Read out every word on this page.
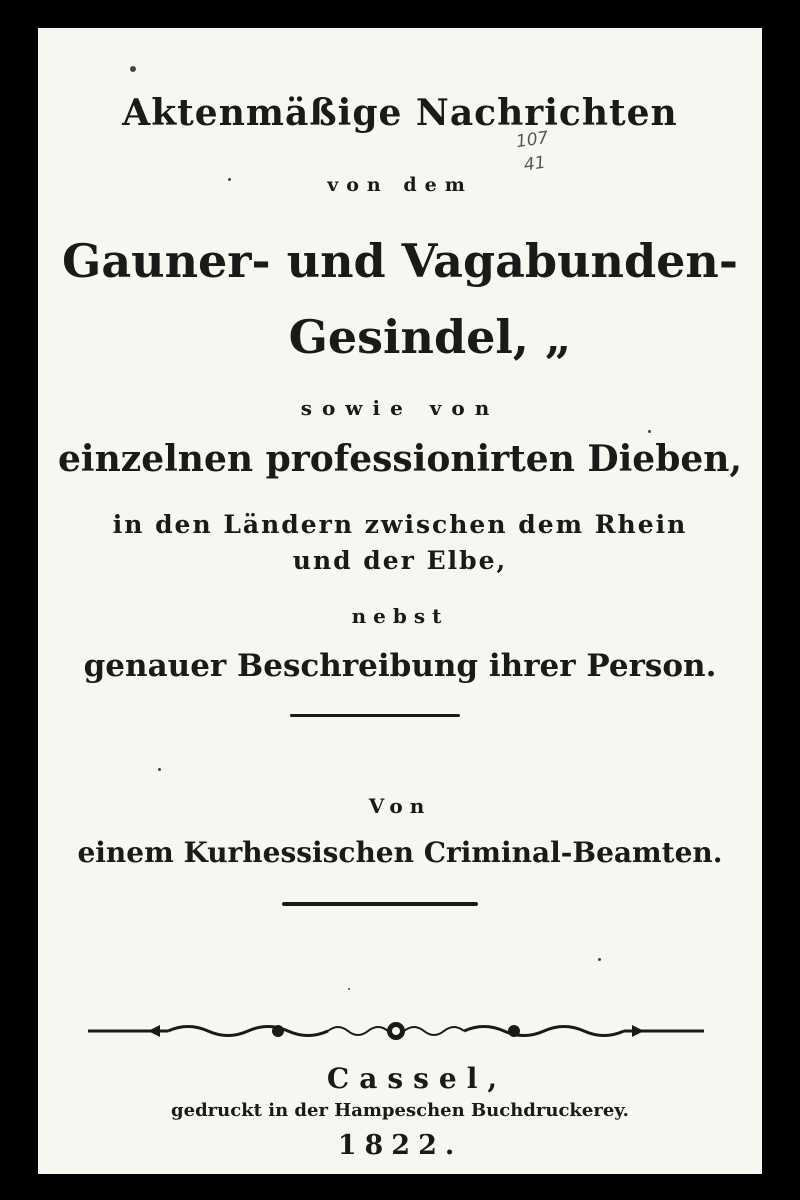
107
41
Aktenmäßige Nachrichten
von dem
Gauner- und Vagabunden-
Gesindel, „
sowie von
einzelnen professionirten Dieben,
in den Ländern zwischen dem Rhein
und der Elbe,
nebst
genauer Beschreibung ihrer Person.
Von
einem Kurhessischen Criminal-Beamten.
Cassel,
gedruckt in der Hampeschen Buchdruckerey.
1822.
